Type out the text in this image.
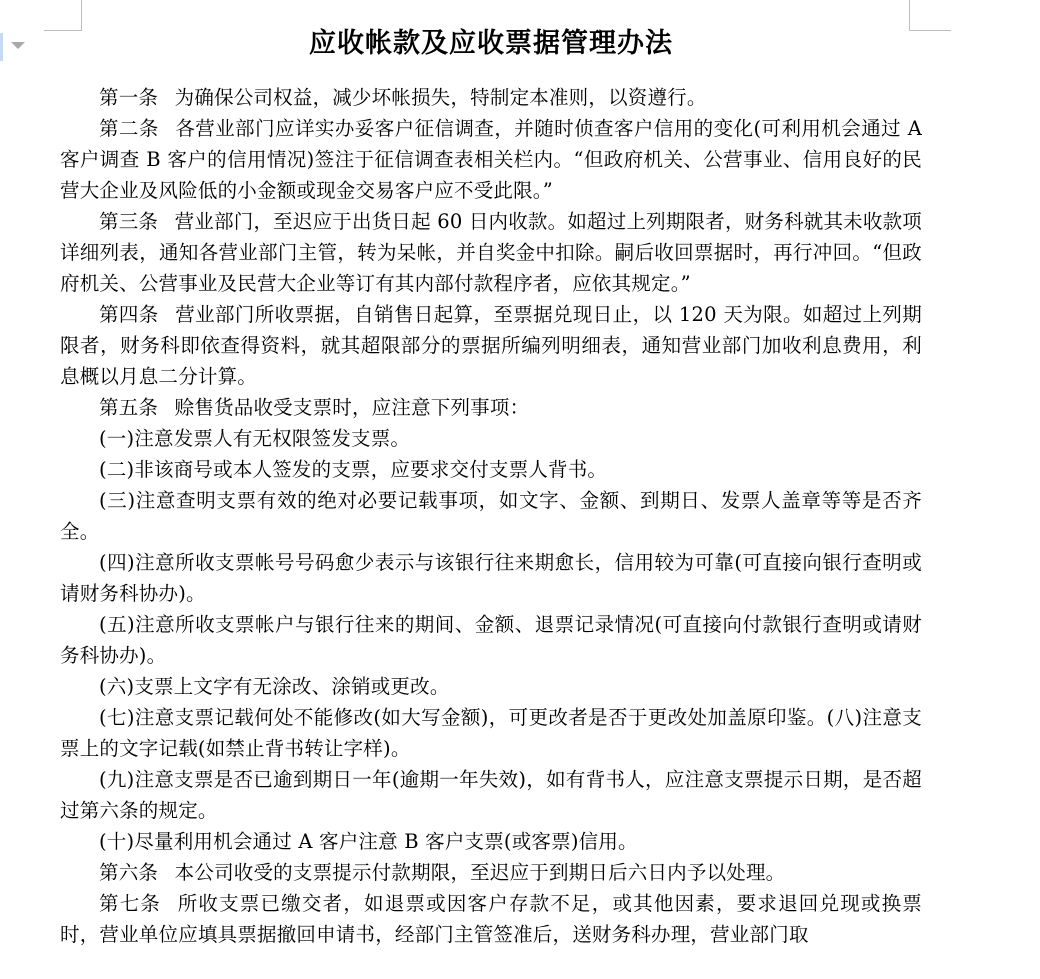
应收帐款及应收票据管理办法

第一条 为确保公司权益，减少坏帐损失，特制定本准则，以资遵行。

第二条 各营业部门应详实办妥客户征信调查，并随时侦查客户信用的变化(可利用机会通过 A 客户调查 B 客户的信用情况)签注于征信调查表相关栏内。“但政府机关、公营事业、信用良好的民营大企业及风险低的小金额或现金交易客户应不受此限。”

第三条 营业部门，至迟应于出货日起 60 日内收款。如超过上列期限者，财务科就其未收款项详细列表，通知各营业部门主管，转为呆帐，并自奖金中扣除。嗣后收回票据时，再行冲回。“但政府机关、公营事业及民营大企业等订有其内部付款程序者，应依其规定。”

第四条 营业部门所收票据，自销售日起算，至票据兑现日止，以 120 天为限。如超过上列期限者，财务科即依查得资料，就其超限部分的票据所编列明细表，通知营业部门加收利息费用，利息概以月息二分计算。

第五条 赊售货品收受支票时，应注意下列事项：

(一)注意发票人有无权限签发支票。

(二)非该商号或本人签发的支票，应要求交付支票人背书。

(三)注意查明支票有效的绝对必要记载事项，如文字、金额、到期日、发票人盖章等等是否齐全。

(四)注意所收支票帐号号码愈少表示与该银行往来期愈长，信用较为可靠(可直接向银行查明或请财务科协办)。

(五)注意所收支票帐户与银行往来的期间、金额、退票记录情况(可直接向付款银行查明或请财务科协办)。

(六)支票上文字有无涂改、涂销或更改。

(七)注意支票记载何处不能修改(如大写金额)，可更改者是否于更改处加盖原印鉴。(八)注意支票上的文字记载(如禁止背书转让字样)。

(九)注意支票是否已逾到期日一年(逾期一年失效)，如有背书人，应注意支票提示日期，是否超过第六条的规定。

(十)尽量利用机会通过 A 客户注意 B 客户支票(或客票)信用。

第六条 本公司收受的支票提示付款期限，至迟应于到期日后六日内予以处理。

第七条 所收支票已缴交者，如退票或因客户存款不足，或其他因素，要求退回兑现或换票时，营业单位应填具票据撤回申请书，经部门主管签准后，送财务科办理，营业部门取
